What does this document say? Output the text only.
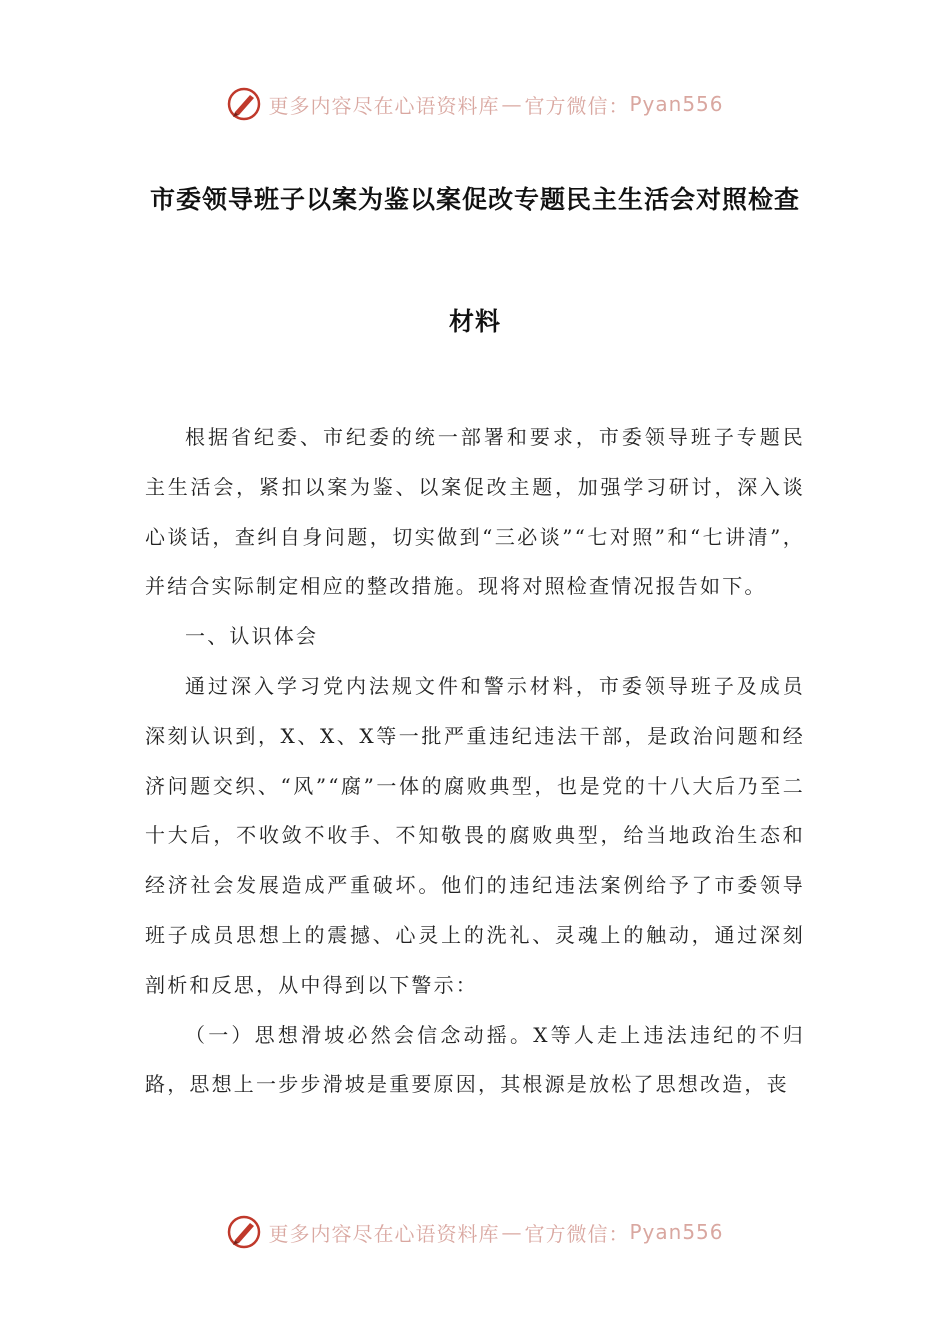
更多内容尽在心语资料库 — 官方微信： Pyan556
市委领导班子以案为鉴以案促改专题民主生活会对照检查
材料

根据省纪委、市纪委的统一部署和要求，市委领导班子专题民主生活会，紧扣以案为鉴、以案促改主题，加强学习研讨，深入谈心谈话，查纠自身问题，切实做到“三必谈”“七对照”和“七讲清”，并结合实际制定相应的整改措施。现将对照检查情况报告如下。

一、认识体会

通过深入学习党内法规文件和警示材料，市委领导班子及成员深刻认识到，X、X、X等一批严重违纪违法干部，是政治问题和经济问题交织、“风”“腐”一体的腐败典型，也是党的十八大后乃至二十大后，不收敛不收手、不知敬畏的腐败典型，给当地政治生态和经济社会发展造成严重破坏。他们的违纪违法案例给予了市委领导班子成员思想上的震撼、心灵上的洗礼、灵魂上的触动，通过深刻剖析和反思，从中得到以下警示：

（一）思想滑坡必然会信念动摇。X等人走上违法违纪的不归路，思想上一步步滑坡是重要原因，其根源是放松了思想改造，丧

更多内容尽在心语资料库 — 官方微信： Pyan556
